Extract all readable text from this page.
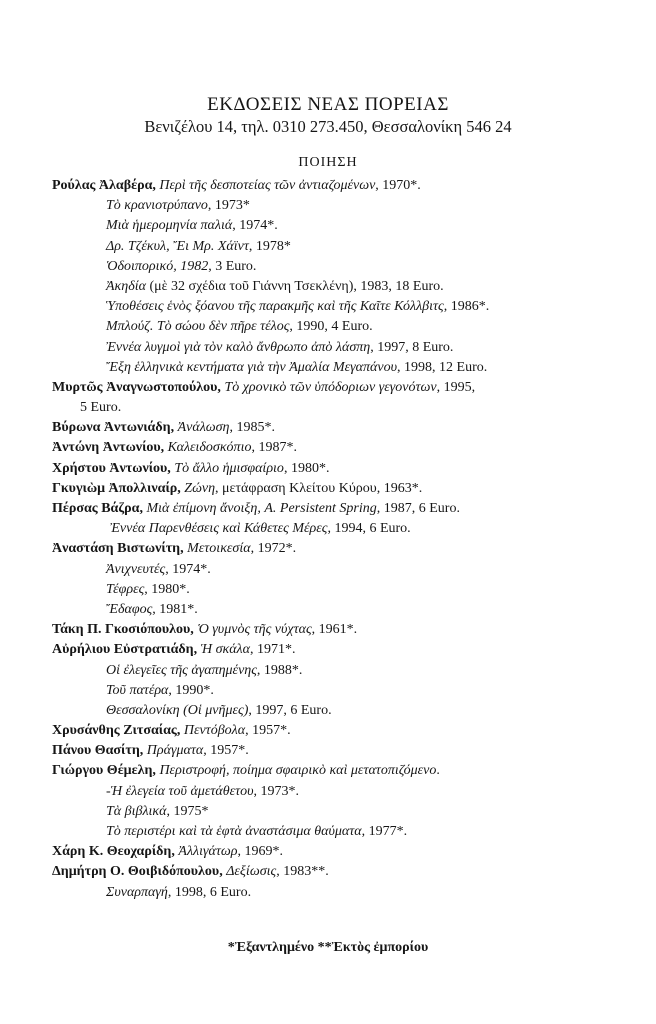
ΕΚΔΟΣΕΙΣ ΝΕΑΣ ΠΟΡΕΙΑΣ
Βενιζέλου 14, τηλ. 0310 273.450, Θεσσαλονίκη 546 24
ΠΟΙΗΣΗ
Ρούλας Ἀλαβέρα, Περὶ τῆς δεσποτείας τῶν ἀντιαζομένων, 1970*.
Τὸ κρανιοτρύπανο, 1973*
Μιὰ ἡμερομηνία παλιά, 1974*.
Δρ. Τζέκυλ, Ἔι Μρ. Χάϊντ, 1978*
Ὁδοιπορικό, 1982, 3 Euro.
Ἀκηδία (μὲ 32 σχέδια τοῦ Γιάννη Τσεκλένη), 1983, 18 Euro.
Ὑποθέσεις ἑνὸς ξόανου τῆς παρακμῆς καὶ τῆς Καῖτε Κόλλβιτς, 1986*.
Μπλούζ. Τὸ σώου δὲν πῆρε τέλος, 1990, 4 Euro.
Ἐννέα λυγμοὶ γιὰ τὸν καλὸ ἄνθρωπο ἀπὸ λάσπη, 1997, 8 Euro.
Ἔξη ἑλληνικὰ κεντήματα γιὰ τὴν Ἀμαλία Μεγαπάνου, 1998, 12 Euro.
Μυρτῶς Ἀναγνωστοπούλου, Τὸ χρονικὸ τῶν ὑπόδοριων γεγονότων, 1995,
5 Euro.
Βύρωνα Ἀντωνιάδη, Ἀνάλωση, 1985*.
Ἀντώνη Ἀντωνίου, Καλειδοσκόπιο, 1987*.
Χρήστου Ἀντωνίου, Τὸ ἄλλο ἡμισφαίριο, 1980*.
Γκυγιὼμ Ἀπολλιναίρ, Ζώνη, μετάφραση Κλείτου Κύρου, 1963*.
Πέρσας Βάζρα, Μιὰ ἐπίμονη ἄνοιξη, A. Persistent Spring, 1987, 6 Euro.
Ἐννέα Παρενθέσεις καὶ Κάθετες Μέρες, 1994, 6 Euro.
Ἀναστάση Βιστωνίτη, Μετοικεσία, 1972*.
Ἀνιχνευτές, 1974*.
Τέφρες, 1980*.
Ἔδαφος, 1981*.
Τάκη Π. Γκοσιόπουλου, Ὁ γυμνὸς τῆς νύχτας, 1961*.
Αὐρήλιου Εὐστρατιάδη, Ἡ σκάλα, 1971*.
Οἱ ἐλεγεῖες τῆς ἀγαπημένης, 1988*.
Τοῦ πατέρα, 1990*.
Θεσσαλονίκη (Οἱ μνῆμες), 1997, 6 Euro.
Χρυσάνθης Ζιτσαίας, Πεντόβολα, 1957*.
Πάνου Θασίτη, Πράγματα, 1957*.
Γιώργου Θέμελη, Περιστροφή, ποίημα σφαιρικὸ καὶ μετατοπιζόμενο.
-Ἡ ἐλεγεία τοῦ ἀμετάθετου, 1973*.
Τὰ βιβλικά, 1975*
Τὸ περιστέρι καὶ τὰ ἑφτὰ ἀναστάσιμα θαύματα, 1977*.
Χάρη Κ. Θεοχαρίδη, Ἀλλιγάτωρ, 1969*.
Δημήτρη Ο. Θοιβιδόπουλου, Δεξίωσις, 1983**.
Συναρπαγή, 1998, 6 Euro.
*Ἐξαντλημένο **Ἐκτὸς ἐμπορίου
